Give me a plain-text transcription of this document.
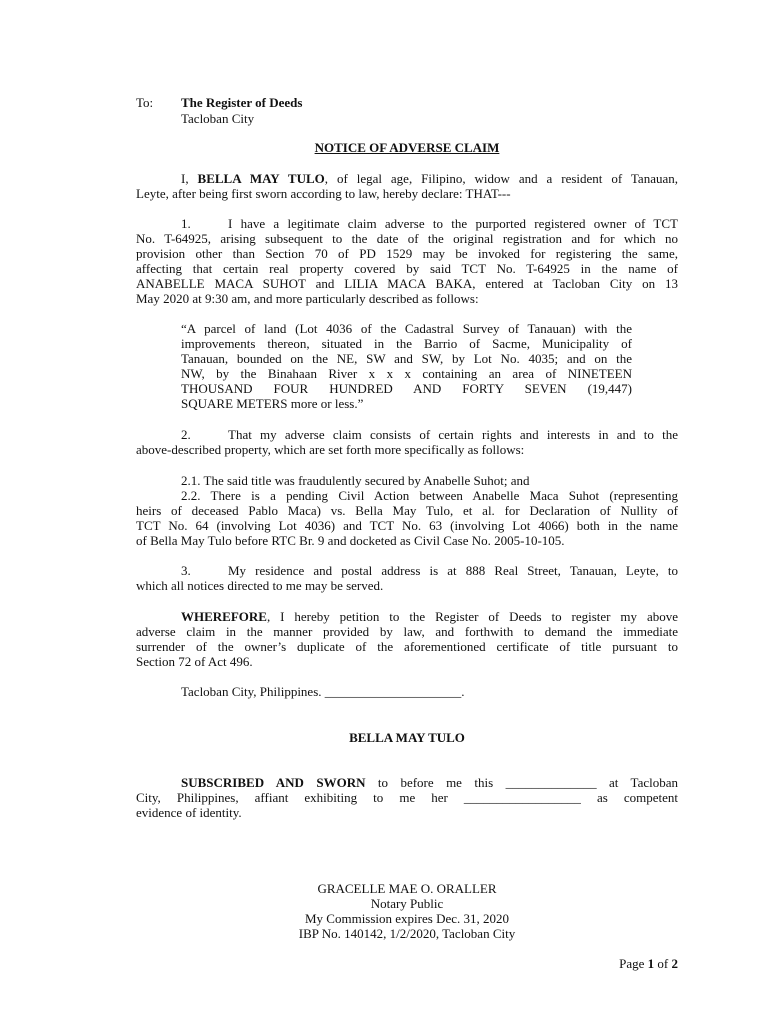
To: The Register of Deeds
Tacloban City
NOTICE OF ADVERSE CLAIM
I, BELLA MAY TULO, of legal age, Filipino, widow and a resident of Tanauan,
Leyte, after being first sworn according to law, hereby declare: THAT---
1.	I have a legitimate claim adverse to the purported registered owner of TCT
No. T-64925, arising subsequent to the date of the original registration and for which no
provision other than Section 70 of PD 1529 may be invoked for registering the same,
affecting that certain real property covered by said TCT No. T-64925 in the name of
ANABELLE MACA SUHOT and LILIA MACA BAKA, entered at Tacloban City on 13
May 2020 at 9:30 am, and more particularly described as follows:
“A parcel of land (Lot 4036 of the Cadastral Survey of Tanauan) with the
improvements thereon, situated in the Barrio of Sacme, Municipality of
Tanauan, bounded on the NE, SW and SW, by Lot No. 4035; and on the
NW, by the Binahaan River x x x containing an area of NINETEEN
THOUSAND FOUR HUNDRED AND FORTY SEVEN (19,447)
SQUARE METERS more or less.”
2.	That my adverse claim consists of certain rights and interests in and to the
above-described property, which are set forth more specifically as follows:
2.1. The said title was fraudulently secured by Anabelle Suhot; and
2.2. There is a pending Civil Action between Anabelle Maca Suhot (representing
heirs of deceased Pablo Maca) vs. Bella May Tulo, et al. for Declaration of Nullity of
TCT No. 64 (involving Lot 4036) and TCT No. 63 (involving Lot 4066) both in the name
of Bella May Tulo before RTC Br. 9 and docketed as Civil Case No. 2005-10-105.
3.	My residence and postal address is at 888 Real Street, Tanauan, Leyte, to
which all notices directed to me may be served.
WHEREFORE, I hereby petition to the Register of Deeds to register my above
adverse claim in the manner provided by law, and forthwith to demand the immediate
surrender of the owner’s duplicate of the aforementioned certificate of title pursuant to
Section 72 of Act 496.
Tacloban City, Philippines. _____________________.
BELLA MAY TULO
SUBSCRIBED AND SWORN to before me this ______________ at Tacloban
City, Philippines, affiant exhibiting to me her __________________ as competent
evidence of identity.
GRACELLE MAE O. ORALLER
Notary Public
My Commission expires Dec. 31, 2020
IBP No. 140142, 1/2/2020, Tacloban City
Page 1 of 2
